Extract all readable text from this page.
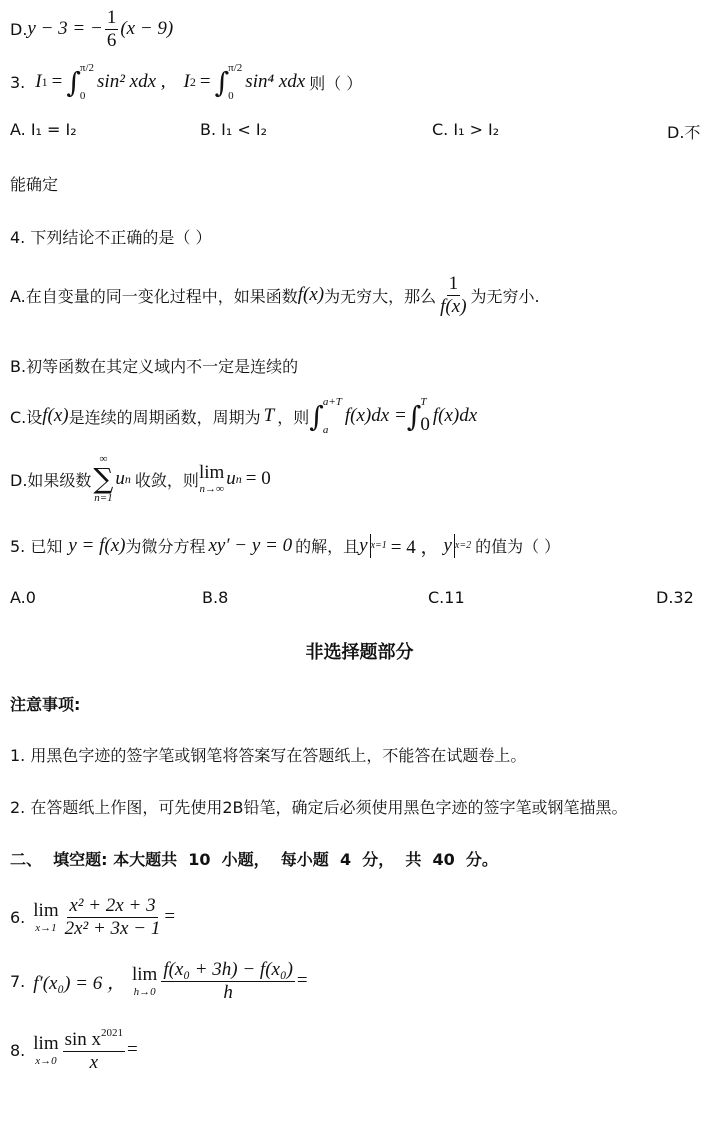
D. y − 3 = − $\frac{1}{6} (x - 9)$
3. I 1 = ∫ π/2
0
sin² xdx , I 2 = ∫ π/2
0
sin⁴ xdx 则（ ）
A. I₁ = I₂	B. I₁ < I₂	C. I₁ > I₂	D.不
能确定
4. 下列结论不正确的是（ ）
A.在自变量的同一变化过程中，如果函数 f(x) 为无穷大，那么 $\frac{1}{f(x)}$ 为无穷小.
B.初等函数在其定义域内不一定是连续的
C.设 f(x) 是连续的周期函数，周期为 T ，则 ∫ a+T
a
f(x)dx = ∫ T
0 f(x)dx
D.如果级数
∞
∑
n=1
u n 收敛，则 lim
n→∞
u n = 0
5. 已知 y = f(x) 为微分方程 xy′ − y = 0 的解，且 y x=1 = 4 ， y x=2 的值为（ ）
A.0	B.8	C.11	D.32
非选择题部分
注意事项:
1. 用黑色字迹的签字笔或钢笔将答案写在答题纸上，不能答在试题卷上。
2. 在答题纸上作图，可先使用2B铅笔，确定后必须使用黑色字迹的签字笔或钢笔描黑。
二、  填空题: 本大题共  10  小题，  每小题  4  分，  共  40  分。
6. lim
$x\to 1 \frac{\text{x² + 2x + 3}}{\text{2x² + 3x − 1}}$ =
7. f′(x₀) = 6 ， lim
$h\to 0 \frac{\text{f(x₀ + 3h) − f(x₀)}}{h}$ =
8. lim
$x\to 0 \frac{\sin x^{2021}}{x}$ =
